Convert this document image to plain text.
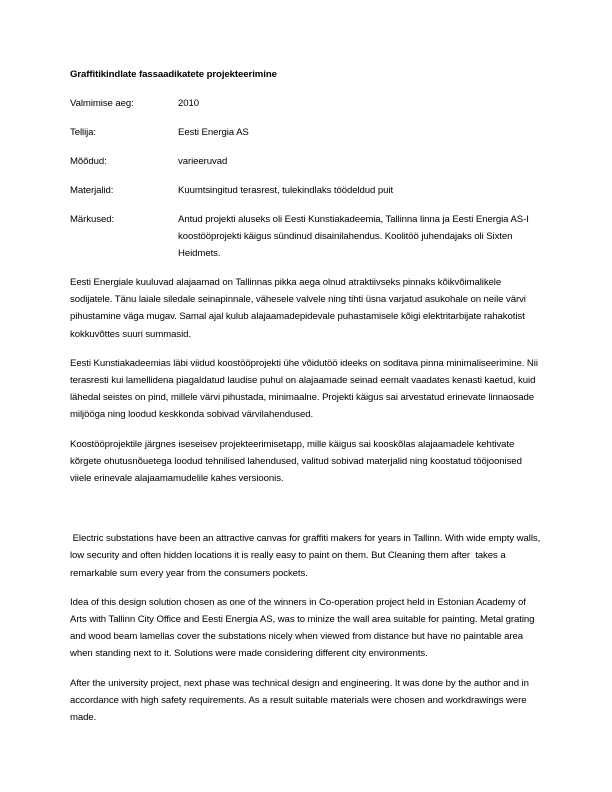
Graffitikindlate fassaadikatete projekteerimine
Valmimise aeg:	2010
Tellija:	Eesti Energia AS
Mõõdud:	varieeruvad
Materjalid:	Kuumtsingitud terasrest, tulekindlaks töödeldud puit
Märkused:	Antud projekti aluseks oli Eesti Kunstiakadeemia, Tallinna linna ja Eesti Energia AS-I koostööprojekti käigus sündinud disainilahendus. Koolitöö juhendajaks oli Sixten Heidmets.

Eesti Energiale kuuluvad alajaamad on Tallinnas pikka aega olnud atraktiivseks pinnaks kõikvõimalikele sodijatele. Tänu laiale siledale seinapinnale, vähesele valvele ning tihti üsna varjatud asukohale on neile värvi pihustamine väga mugav. Samal ajal kulub alajaamadepidevale puhastamisele kõigi elektritarbijate rahakotist kokkuvõttes suuri summasid.

Eesti Kunstiakadeemias läbi viidud koostööprojekti ühe võidutöö ideeks on soditava pinna minimaliseerimine. Nii terasresti kui lamellidena piagaldatud laudise puhul on alajaamade seinad eemalt vaadates kenasti kaetud, kuid lähedal seistes on pind, millele värvi pihustada, minimaalne. Projekti käigus sai arvestatud erinevate linnaosade miljööga ning loodud keskkonda sobivad värvilahendused.

Koostööprojektile järgnes iseseisev projekteerimisetapp, mille käigus sai kooskõlas alajaamadele kehtivate kõrgete ohutusnõuetega loodud tehnilised lahendused, valitud sobivad materjalid ning koostatud tööjoonised viiele erinevale alajaamamudelile kahes versioonis.

Electric substations have been an attractive canvas for graffiti makers for years in Tallinn. With wide empty walls, low security and often hidden locations it is really easy to paint on them. But Cleaning them after  takes a remarkable sum every year from the consumers pockets.

Idea of this design solution chosen as one of the winners in Co-operation project held in Estonian Academy of Arts with Tallinn City Office and Eesti Energia AS, was to minize the wall area suitable for painting. Metal grating and wood beam lamellas cover the substations nicely when viewed from distance but have no paintable area when standing next to it. Solutions were made considering different city environments.

After the university project, next phase was technical design and engineering. It was done by the author and in accordance with high safety requirements. As a result suitable materials were chosen and workdrawings were made.
